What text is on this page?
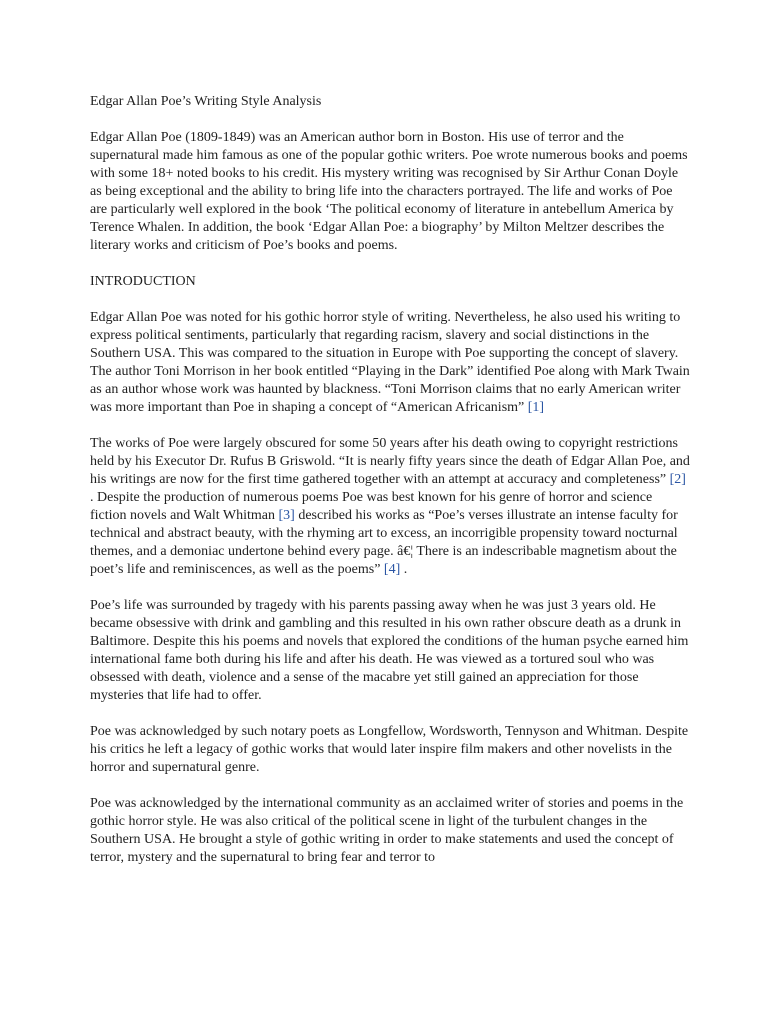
Edgar Allan Poe’s Writing Style Analysis

Edgar Allan Poe (1809-1849) was an American author born in Boston. His use of terror and the supernatural made him famous as one of the popular gothic writers. Poe wrote numerous books and poems with some 18+ noted books to his credit. His mystery writing was recognised by Sir Arthur Conan Doyle as being exceptional and the ability to bring life into the characters portrayed. The life and works of Poe are particularly well explored in the book ‘The political economy of literature in antebellum America by Terence Whalen. In addition, the book ‘Edgar Allan Poe: a biography’ by Milton Meltzer describes the literary works and criticism of Poe’s books and poems.

INTRODUCTION

Edgar Allan Poe was noted for his gothic horror style of writing. Nevertheless, he also used his writing to express political sentiments, particularly that regarding racism, slavery and social distinctions in the Southern USA. This was compared to the situation in Europe with Poe supporting the concept of slavery. The author Toni Morrison in her book entitled “Playing in the Dark” identified Poe along with Mark Twain as an author whose work was haunted by blackness. “Toni Morrison claims that no early American writer was more important than Poe in shaping a concept of “American Africanism” [1]

The works of Poe were largely obscured for some 50 years after his death owing to copyright restrictions held by his Executor Dr. Rufus B Griswold. “It is nearly fifty years since the death of Edgar Allan Poe, and his writings are now for the first time gathered together with an attempt at accuracy and completeness” [2] . Despite the production of numerous poems Poe was best known for his genre of horror and science fiction novels and Walt Whitman [3] described his works as “Poe’s verses illustrate an intense faculty for technical and abstract beauty, with the rhyming art to excess, an incorrigible propensity toward nocturnal themes, and a demoniac undertone behind every page. â€¦ There is an indescribable magnetism about the poet’s life and reminiscences, as well as the poems” [4] .

Poe’s life was surrounded by tragedy with his parents passing away when he was just 3 years old. He became obsessive with drink and gambling and this resulted in his own rather obscure death as a drunk in Baltimore. Despite this his poems and novels that explored the conditions of the human psyche earned him international fame both during his life and after his death. He was viewed as a tortured soul who was obsessed with death, violence and a sense of the macabre yet still gained an appreciation for those mysteries that life had to offer.

Poe was acknowledged by such notary poets as Longfellow, Wordsworth, Tennyson and Whitman. Despite his critics he left a legacy of gothic works that would later inspire film makers and other novelists in the horror and supernatural genre.

Poe was acknowledged by the international community as an acclaimed writer of stories and poems in the gothic horror style. He was also critical of the political scene in light of the turbulent changes in the Southern USA. He brought a style of gothic writing in order to make statements and used the concept of terror, mystery and the supernatural to bring fear and terror to
